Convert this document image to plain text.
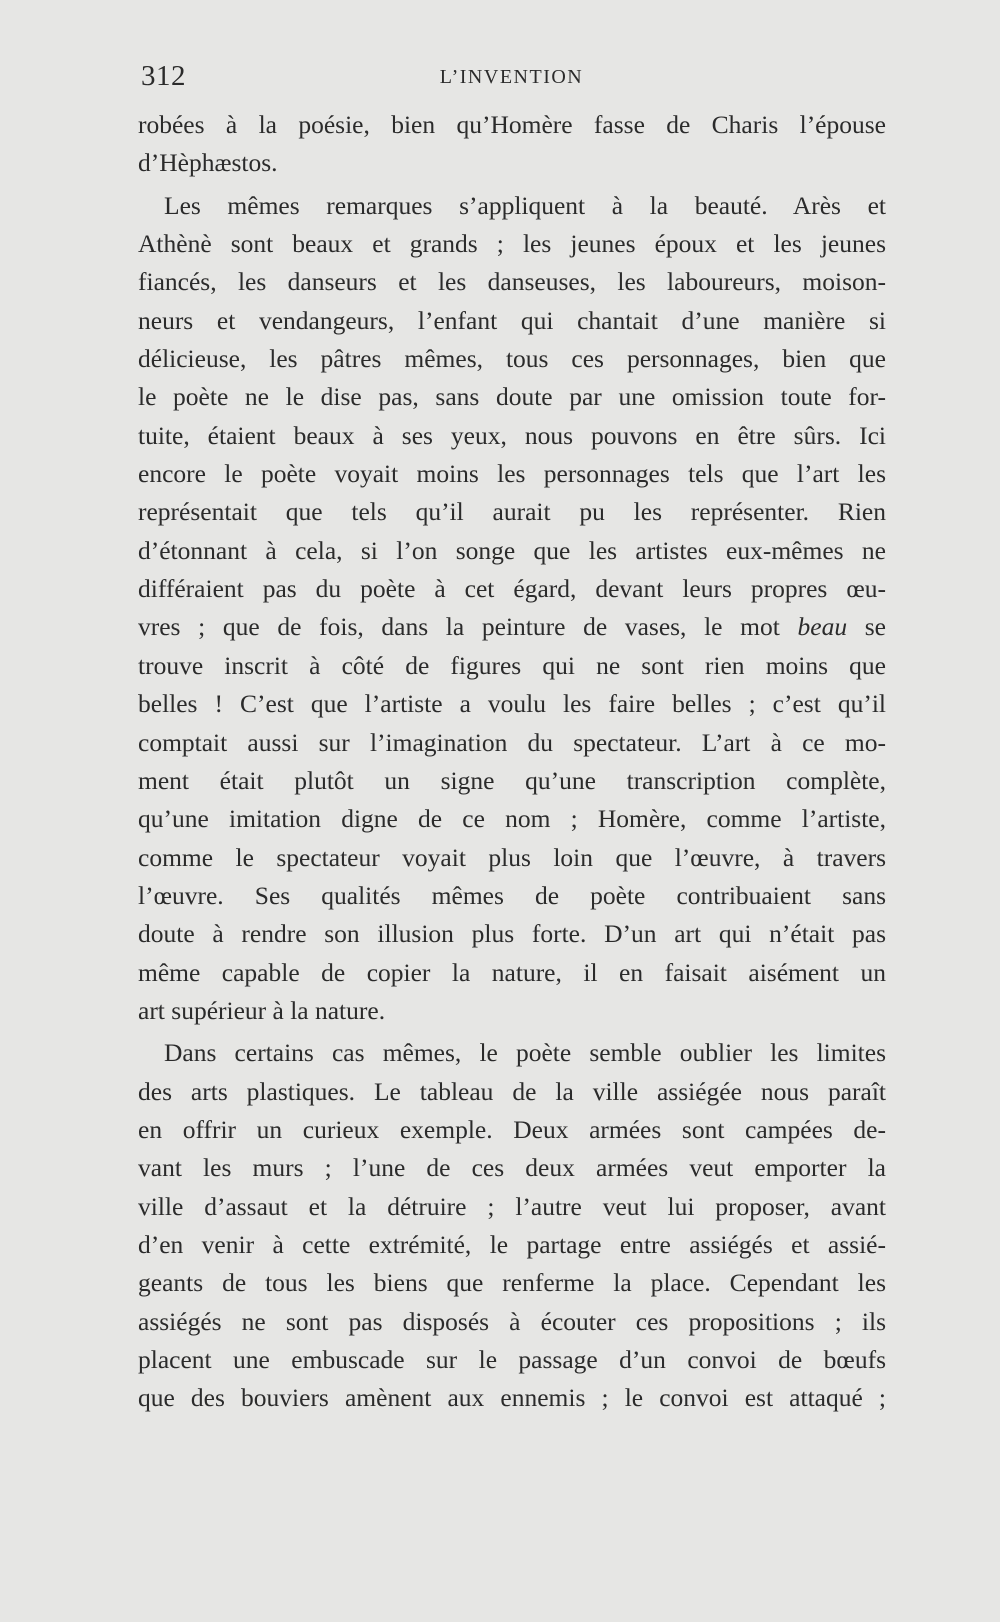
312	L’INVENTION
robées à la poésie, bien qu’Homère fasse de Charis l’épouse
d’Hèphæstos.
Les mêmes remarques s’appliquent à la beauté. Arès et
Athènè sont beaux et grands ; les jeunes époux et les jeunes
fiancés, les danseurs et les danseuses, les laboureurs, moison-
neurs et vendangeurs, l’enfant qui chantait d’une manière si
délicieuse, les pâtres mêmes, tous ces personnages, bien que
le poète ne le dise pas, sans doute par une omission toute for-
tuite, étaient beaux à ses yeux, nous pouvons en être sûrs. Ici
encore le poète voyait moins les personnages tels que l’art les
représentait que tels qu’il aurait pu les représenter. Rien
d’étonnant à cela, si l’on songe que les artistes eux-mêmes ne
différaient pas du poète à cet égard, devant leurs propres œu-
vres ; que de fois, dans la peinture de vases, le mot beau se
trouve inscrit à côté de figures qui ne sont rien moins que
belles ! C’est que l’artiste a voulu les faire belles ; c’est qu’il
comptait aussi sur l’imagination du spectateur. L’art à ce mo-
ment était plutôt un signe qu’une transcription complète,
qu’une imitation digne de ce nom ; Homère, comme l’artiste,
comme le spectateur voyait plus loin que l’œuvre, à travers
l’œuvre. Ses qualités mêmes de poète contribuaient sans
doute à rendre son illusion plus forte. D’un art qui n’était pas
même capable de copier la nature, il en faisait aisément un
art supérieur à la nature.
Dans certains cas mêmes, le poète semble oublier les limites
des arts plastiques. Le tableau de la ville assiégée nous paraît
en offrir un curieux exemple. Deux armées sont campées de-
vant les murs ; l’une de ces deux armées veut emporter la
ville d’assaut et la détruire ; l’autre veut lui proposer, avant
d’en venir à cette extrémité, le partage entre assiégés et assié-
geants de tous les biens que renferme la place. Cependant les
assiégés ne sont pas disposés à écouter ces propositions ; ils
placent une embuscade sur le passage d’un convoi de bœufs
que des bouviers amènent aux ennemis ; le convoi est attaqué ;
